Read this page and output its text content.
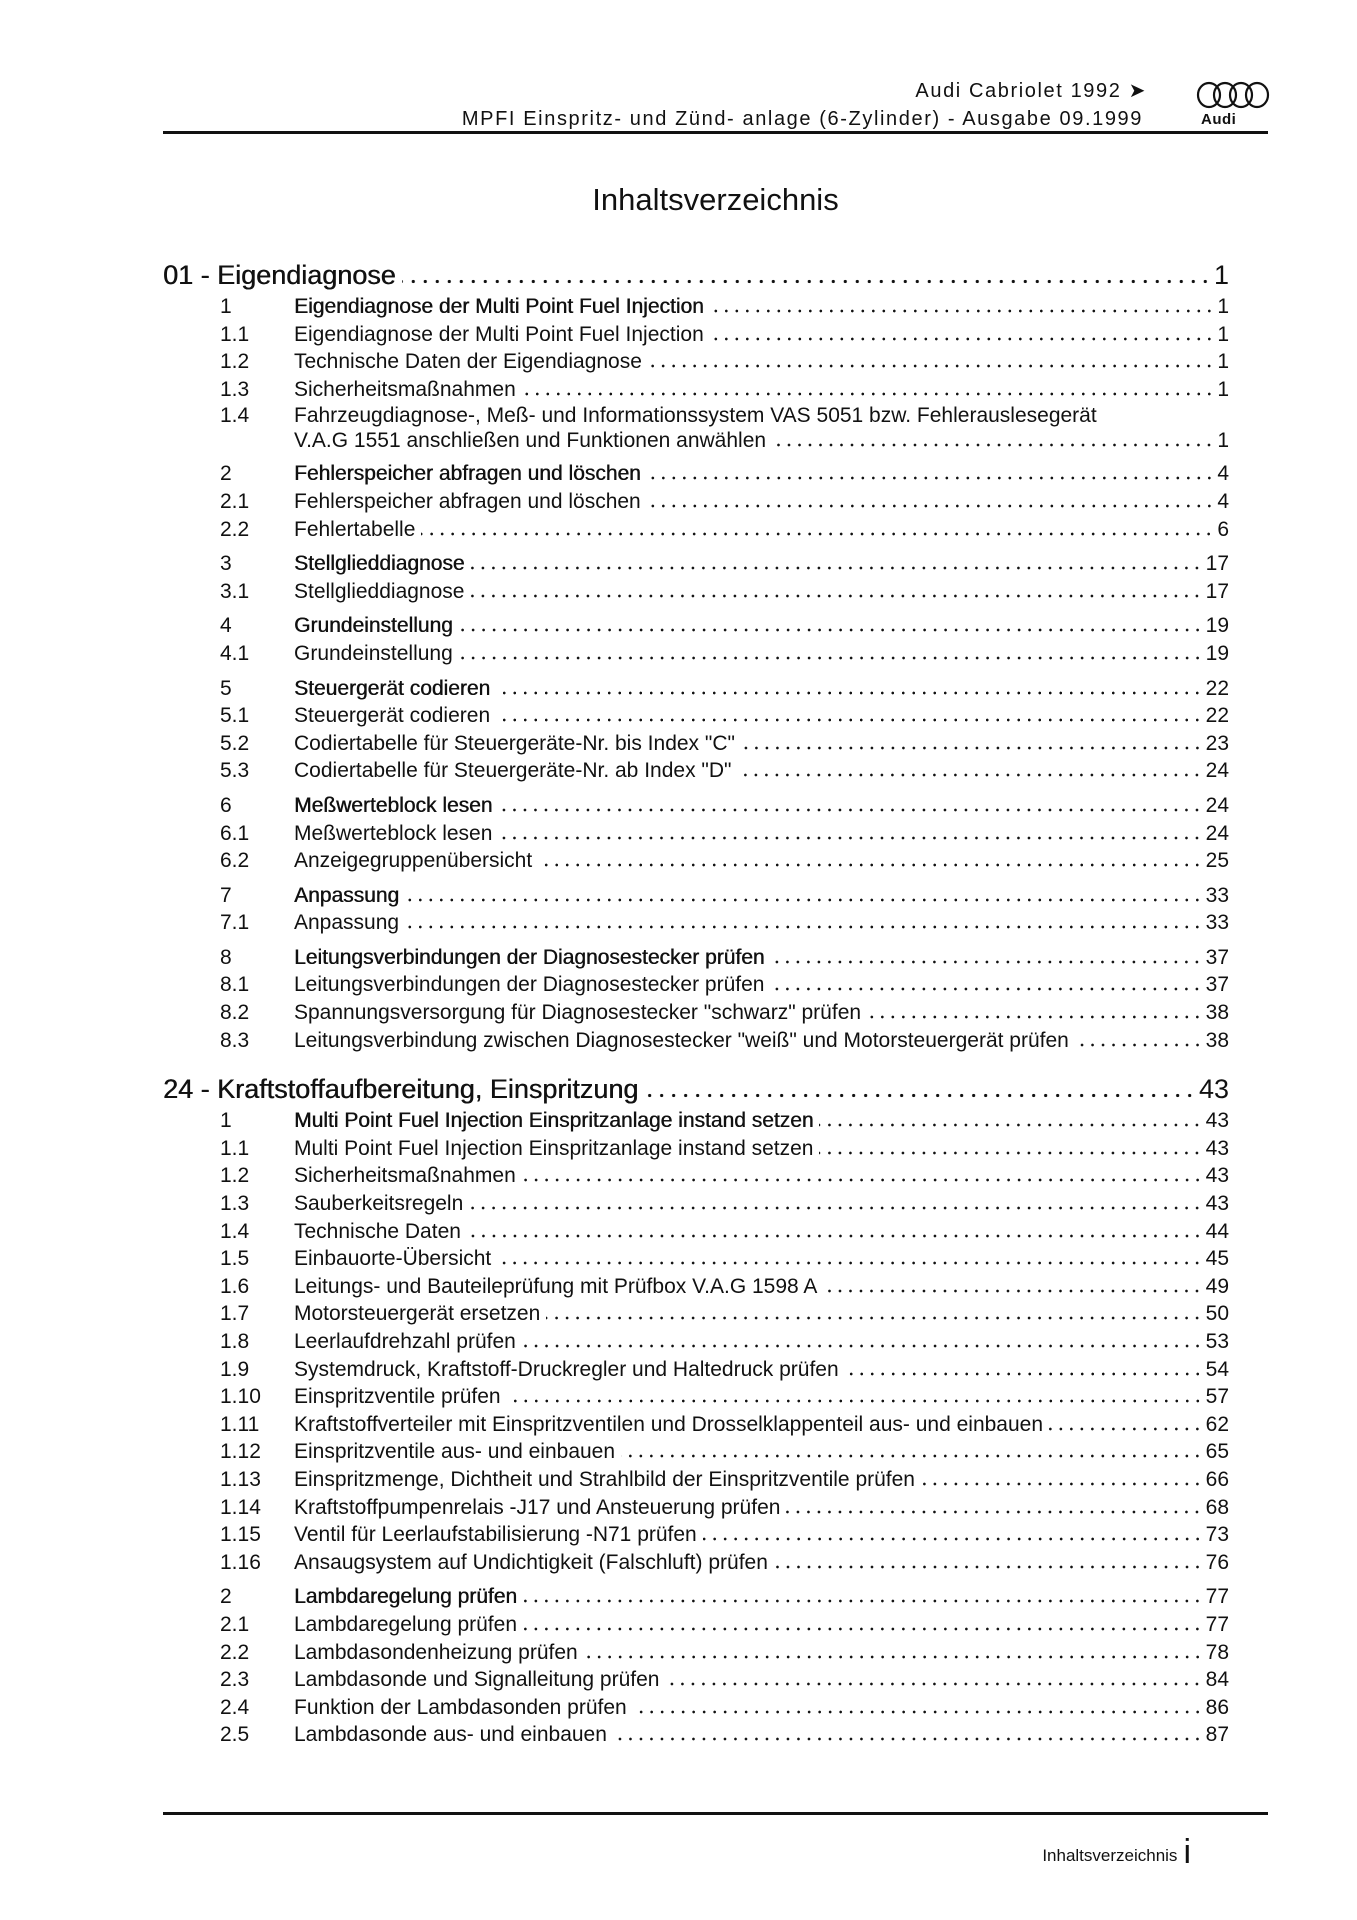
Audi Cabriolet 1992 ➤
MPFI Einspritz- und Zünd- anlage (6-Zylinder) - Ausgabe 09.1999	Audi
Inhaltsverzeichnis
01 - Eigendiagnose	1
1	Eigendiagnose der Multi Point Fuel Injection	1
1.1	Eigendiagnose der Multi Point Fuel Injection	1
1.2	Technische Daten der Eigendiagnose	1
1.3	Sicherheitsmaßnahmen	1
1.4	Fahrzeugdiagnose-, Meß- und Informationssystem VAS 5051 bzw. Fehlerauslesegerät
V.A.G 1551 anschließen und Funktionen anwählen	1
2	Fehlerspeicher abfragen und löschen	4
2.1	Fehlerspeicher abfragen und löschen	4
2.2	Fehlertabelle	6
3	Stellglieddiagnose	17
3.1	Stellglieddiagnose	17
4	Grundeinstellung	19
4.1	Grundeinstellung	19
5	Steuergerät codieren	22
5.1	Steuergerät codieren	22
5.2	Codiertabelle für Steuergeräte-Nr. bis Index "C"	23
5.3	Codiertabelle für Steuergeräte-Nr. ab Index "D"	24
6	Meßwerteblock lesen	24
6.1	Meßwerteblock lesen	24
6.2	Anzeigegruppenübersicht	25
7	Anpassung	33
7.1	Anpassung	33
8	Leitungsverbindungen der Diagnosestecker prüfen	37
8.1	Leitungsverbindungen der Diagnosestecker prüfen	37
8.2	Spannungsversorgung für Diagnosestecker "schwarz" prüfen	38
8.3	Leitungsverbindung zwischen Diagnosestecker "weiß" und Motorsteuergerät prüfen	38
24 - Kraftstoffaufbereitung, Einspritzung	43
1	Multi Point Fuel Injection Einspritzanlage instand setzen	43
1.1	Multi Point Fuel Injection Einspritzanlage instand setzen	43
1.2	Sicherheitsmaßnahmen	43
1.3	Sauberkeitsregeln	43
1.4	Technische Daten	44
1.5	Einbauorte-Übersicht	45
1.6	Leitungs- und Bauteileprüfung mit Prüfbox V.A.G 1598 A	49
1.7	Motorsteuergerät ersetzen	50
1.8	Leerlaufdrehzahl prüfen	53
1.9	Systemdruck, Kraftstoff-Druckregler und Haltedruck prüfen	54
1.10	Einspritzventile prüfen	57
1.11	Kraftstoffverteiler mit Einspritzventilen und Drosselklappenteil aus- und einbauen	62
1.12	Einspritzventile aus- und einbauen	65
1.13	Einspritzmenge, Dichtheit und Strahlbild der Einspritzventile prüfen	66
1.14	Kraftstoffpumpenrelais -J17 und Ansteuerung prüfen	68
1.15	Ventil für Leerlaufstabilisierung -N71 prüfen	73
1.16	Ansaugsystem auf Undichtigkeit (Falschluft) prüfen	76
2	Lambdaregelung prüfen	77
2.1	Lambdaregelung prüfen	77
2.2	Lambdasondenheizung prüfen	78
2.3	Lambdasonde und Signalleitung prüfen	84
2.4	Funktion der Lambdasonden prüfen	86
2.5	Lambdasonde aus- und einbauen	87
Inhaltsverzeichnis i
